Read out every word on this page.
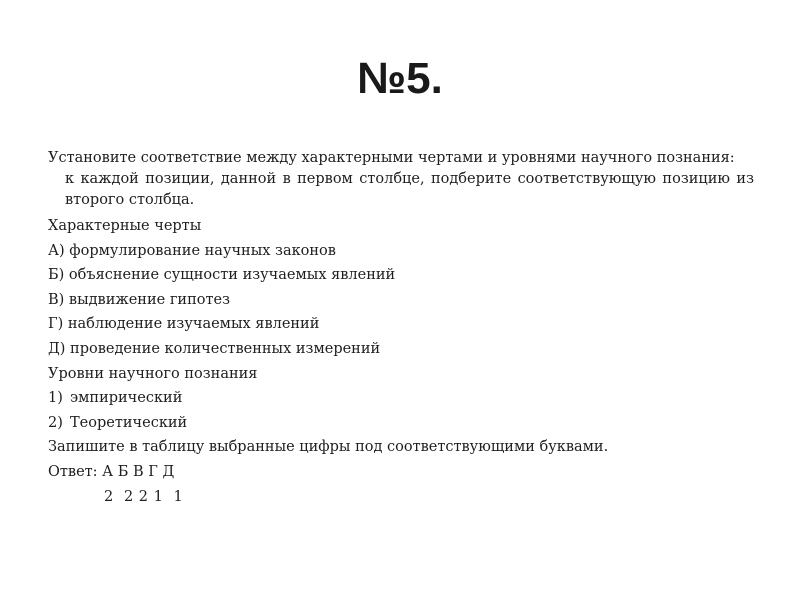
№5.
Установите соответствие между характерными чертами и уровнями научного познания:
к каждой позиции, данной в первом столбце, подберите соответствующую позицию из второго столбца.
Характерные черты
А) формулирование научных законов
Б) объяснение сущности изучаемых явлений
В) выдвижение гипотез
Г) наблюдение изучаемых явлений
Д) проведение количественных измерений
Уровни научного познания
1) эмпирический
2) Теоретический
Запишите в таблицу выбранные цифры под соответствующими буквами.
Ответ: А Б В Г Д
2  2 2 1  1
